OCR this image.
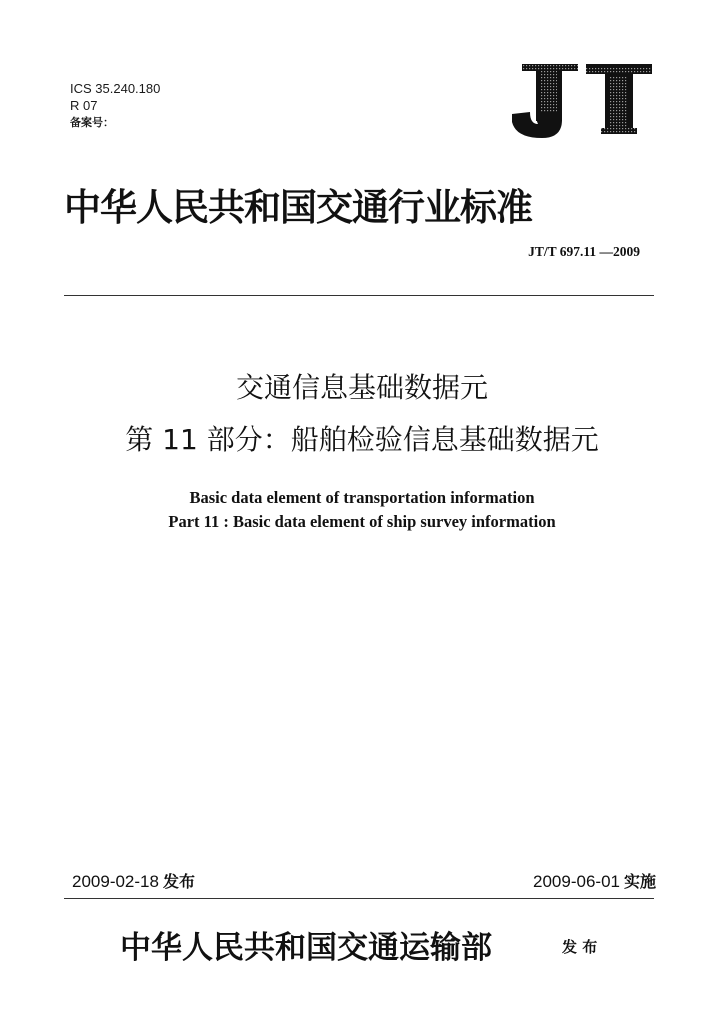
ICS 35.240.180
R 07
备案号：
中华人民共和国交通行业标准
JT/T 697.11 —2009
交通信息基础数据元
第 11 部分：船舶检验信息基础数据元
Basic data element of transportation information
Part 11 : Basic data element of ship survey information
2009-02-18 发布	2009-06-01 实施
中华人民共和国交通运输部	发 布
